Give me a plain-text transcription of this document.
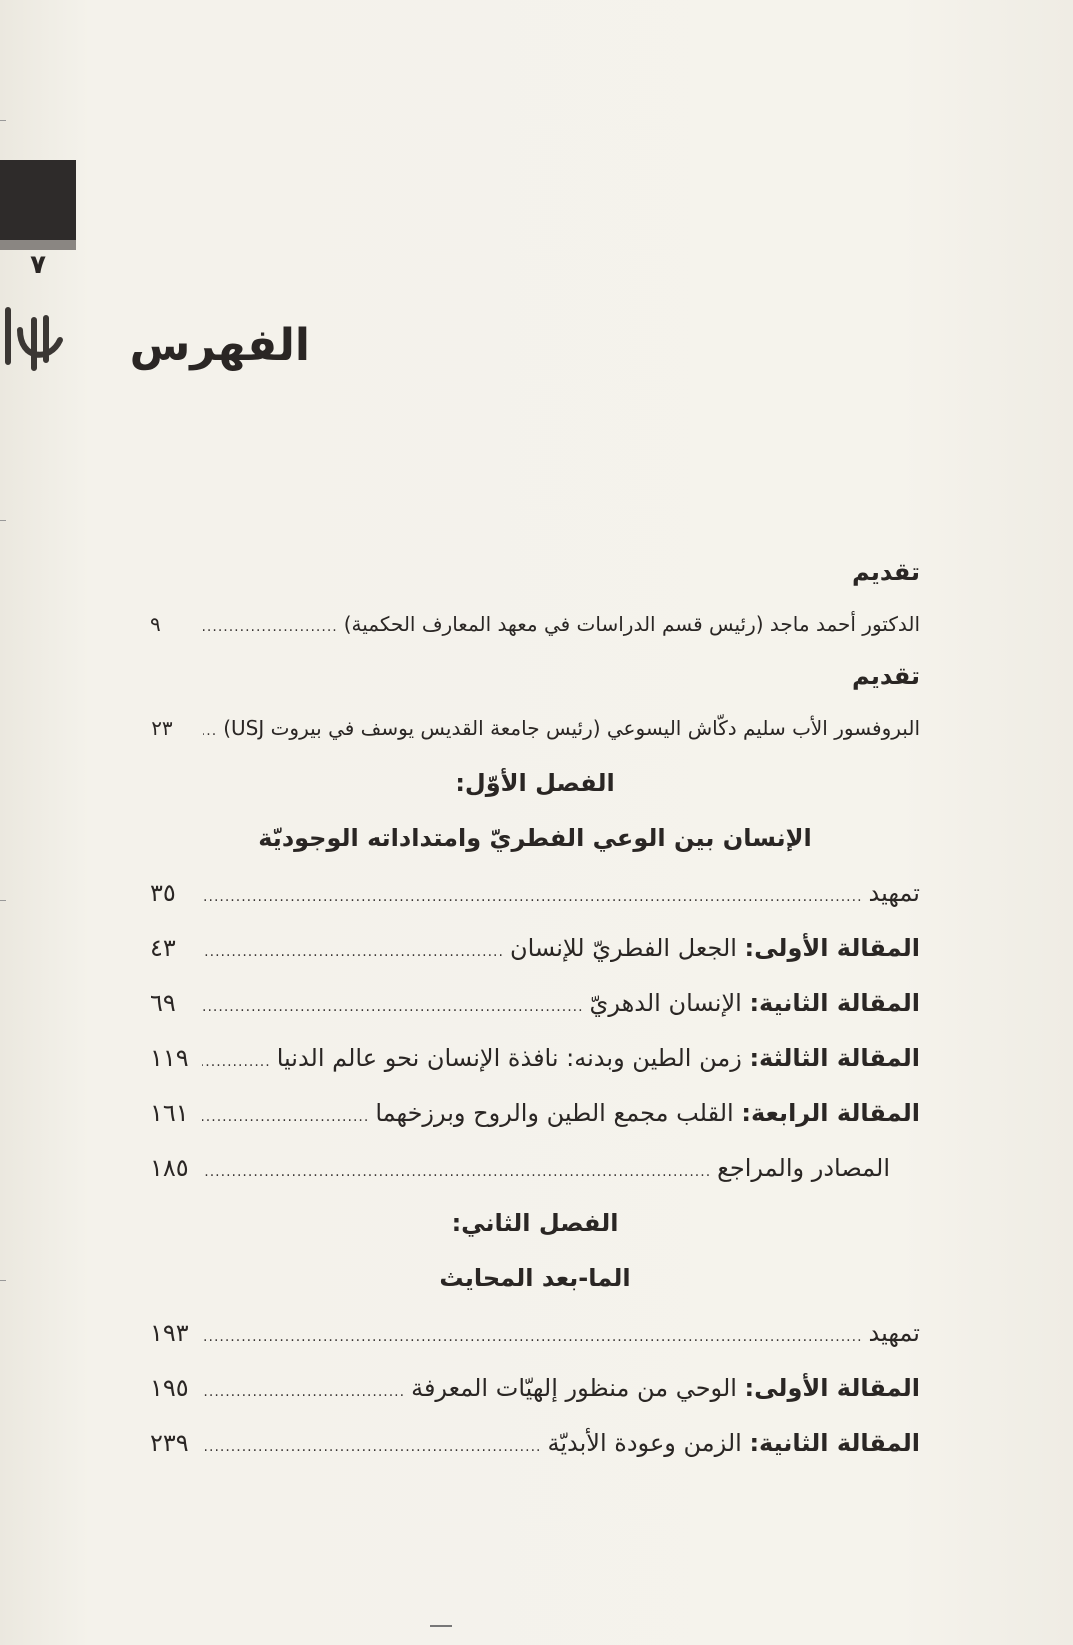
٧
الفهرس
تقديم
الدكتور أحمد ماجد (رئيس قسم الدراسات في معهد المعارف الحكمية)
.....
٩
تقديم
البروفسور الأب سليم دكّاش اليسوعي (رئيس جامعة القديس يوسف في بيروت USJ)
.....
٢٣
الفصل الأوّل:
الإنسان بين الوعي الفطريّ وامتداداته الوجوديّة
تمهيد
.....
٣٥
المقالة الأولى: الجعل الفطريّ للإنسان
.....
٤٣
المقالة الثانية: الإنسان الدهريّ
.....
٦٩
المقالة الثالثة: زمن الطين وبدنه: نافذة الإنسان نحو عالم الدنيا
.....
١١٩
المقالة الرابعة: القلب مجمع الطين والروح وبرزخهما
.....
١٦١
المصادر والمراجع
.....
١٨٥
الفصل الثاني:
الما-بعد المحايث
تمهيد
.....
١٩٣
المقالة الأولى: الوحي من منظور إلهيّات المعرفة
.....
١٩٥
المقالة الثانية: الزمن وعودة الأبديّة
.....
٢٣٩
